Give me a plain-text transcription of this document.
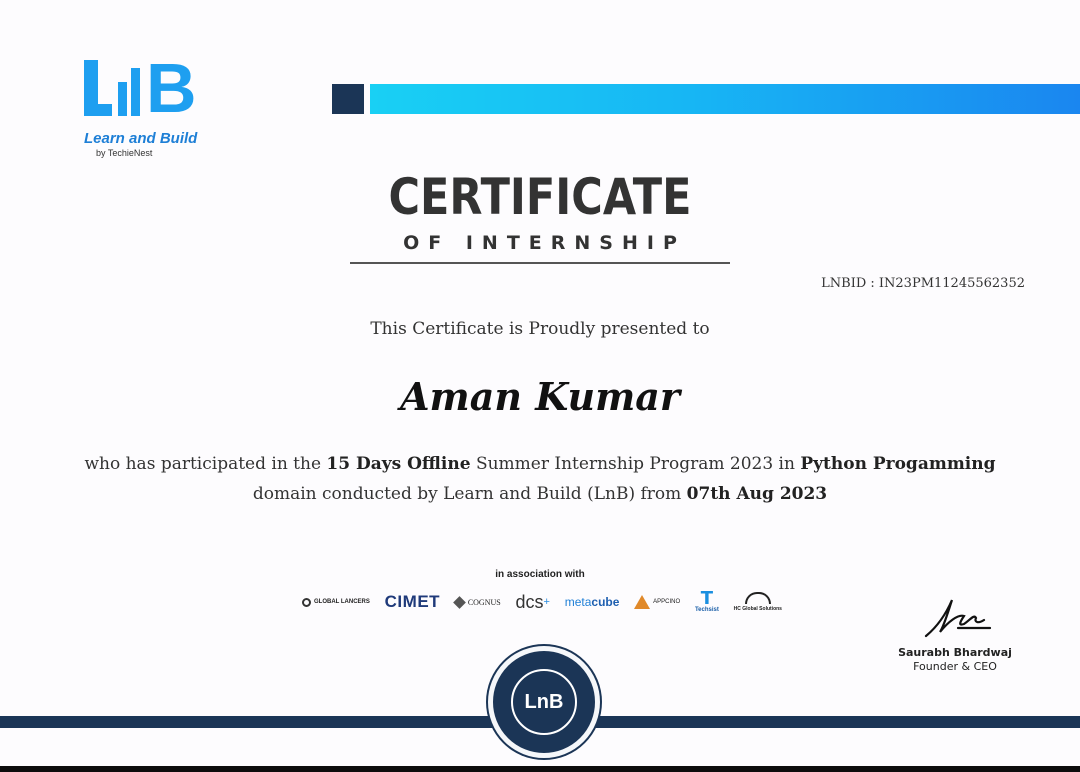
B
Learn and Build
by TechieNest
CERTIFICATE
OF INTERNSHIP
LNBID : IN23PM11245562352
This Certificate is Proudly presented to
Aman Kumar
who has participated in the 15 Days Offline Summer Internship Program 2023 in Python Progamming
domain conducted by Learn and Build (LnB) from 07th Aug 2023
in association with
GLOBAL LANCERS CIMET	COGNUS dcs + meta cube	APPCINO T
Techsist	HC Global Solutions
Saurabh Bhardwaj
Founder & CEO
LnB
